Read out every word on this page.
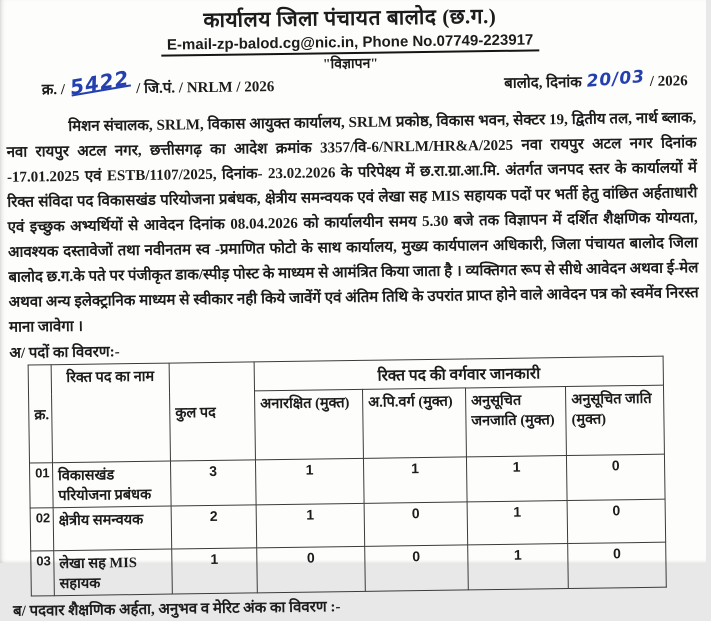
कार्यालय जिला पंचायत बालोद (छ.ग.)
E-mail-zp-balod.cg@nic.in, Phone No.07749-223917
"विज्ञापन"
क्र. / 5422 / जि.पं. / NRLM / 2026	बालोद, दिनांक 20/03 / 2026
मिशन संचालक, SRLM, विकास आयुक्त कार्यालय, SRLM प्रकोष्ठ, विकास भवन, सेक्टर 19, द्वितीय तल, नार्थ ब्लाक, नवा रायपुर अटल नगर, छत्तीसगढ़ का आदेश क्रमांक 3357/वि-6/NRLM/HR&A/2025 नवा रायपुर अटल नगर दिनांक -17.01.2025 एवं ESTB/1107/2025, दिनांक- 23.02.2026 के परिपेक्ष्य में छ.रा.ग्रा.आ.मि. अंतर्गत जनपद स्तर के कार्यालयों में रिक्त संविदा पद विकासखंड परियोजना प्रबंधक, क्षेत्रीय समन्वयक एवं लेखा सह MIS सहायक पदों पर भर्ती हेतु वांछित अर्हताधारी एवं इच्छुक अभ्यर्थियों से आवेदन दिनांक 08.04.2026 को कार्यालयीन समय 5.30 बजे तक विज्ञापन में दर्शित शैक्षणिक योग्यता, आवश्यक दस्तावेजों तथा नवीनतम स्व -प्रमाणित फोटो के साथ कार्यालय, मुख्य कार्यपालन अधिकारी, जिला पंचायत बालोद जिला बालोद छ.ग.के पते पर पंजीकृत डाक/स्पीड़ पोस्ट के माध्यम से आमंत्रित किया जाता है । व्यक्तिगत रूप से सीधे आवेदन अथवा ई-मेल अथवा अन्य इलेक्ट्रानिक माध्यम से स्वीकार नही किये जावेंगें एवं अंतिम तिथि के उपरांत प्राप्त होने वाले आवेदन पत्र को स्वमेंव निरस्त माना जावेगा ।
अ/ पदों का विवरण:-
क्र.	रिक्त पद का नाम	कुल पद	रिक्त पद की वर्गवार जानकारी			
			अनारक्षित (मुक्त)	अ.पि.वर्ग (मुक्त)	अनुसूचित जनजाति (मुक्त)	अनुसूचित जाति (मुक्त)
01	विकासखंड परियोजना प्रबंधक	3	1	1	1	0
02	क्षेत्रीय समन्वयक	2	1	0	1	0
03	लेखा सह MIS सहायक	1	0	0	1	0
ब/ पदवार शैक्षणिक अर्हता, अनुभव व मेरिट अंक का विवरण :-
